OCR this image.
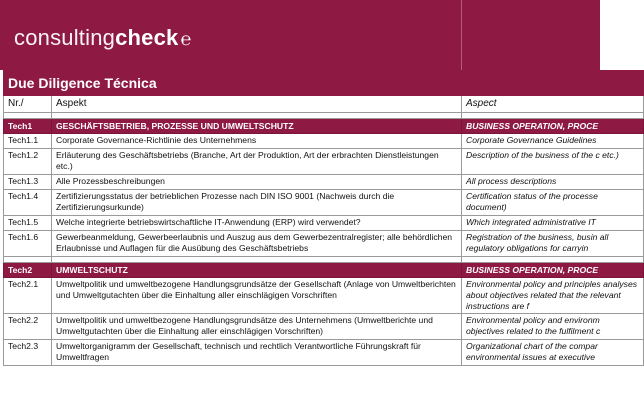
consultingcheck ℮
Due Diligence Técnica		
Nr./	Aspekt	Aspect

Tech1	GESCHÄFTSBETRIEB, PROZESSE UND UMWELTSCHUTZ	BUSINESS OPERATION, PROCE
Tech1.1	Corporate Governance-Richtlinie des Unternehmens	Corporate Governance Guidelines
Tech1.2	Erläuterung des Geschäftsbetriebs (Branche, Art der Produktion, Art der erbrachten Dienstleistungen etc.)	Description of the business of the c etc.)
Tech1.3	Alle Prozessbeschreibungen	All process descriptions
Tech1.4	Zertifizierungsstatus der betrieblichen Prozesse nach DIN ISO 9001 (Nachweis durch die Zertifizierungsurkunde)	Certification status of the processe document)
Tech1.5	Welche integrierte betriebswirtschaftliche IT-Anwendung (ERP) wird verwendet?	Which integrated administrative IT
Tech1.6	Gewerbeanmeldung, Gewerbeerlaubnis und Auszug aus dem Gewerbezentralregister; alle behördlichen Erlaubnisse und Auflagen für die Ausübung des Geschäftsbetriebs	Registration of the business, busin all regulatory obligations for carryin

Tech2	UMWELTSCHUTZ	BUSINESS OPERATION, PROCE
Tech2.1	Umweltpolitik und umweltbezogene Handlungsgrundsätze der Gesellschaft (Anlage von Umweltberichten und Umweltgutachten über die Einhaltung aller einschlägigen Vorschriften	Environmental policy and principles analyses about objectives related that the relevant instructions are f
Tech2.2	Umweltpolitik und umweltbezogene Handlungsgrundsätze des Unternehmens (Umweltberichte und Umweltgutachten über die Einhaltung aller einschlägigen Vorschriften)	Environmental policy and environm objectives related to the fulfilment c
Tech2.3	Umweltorganigramm der Gesellschaft, technisch und rechtlich Verantwortliche Führungskraft für Umweltfragen	Organizational chart of the compar environmental issues at executive
